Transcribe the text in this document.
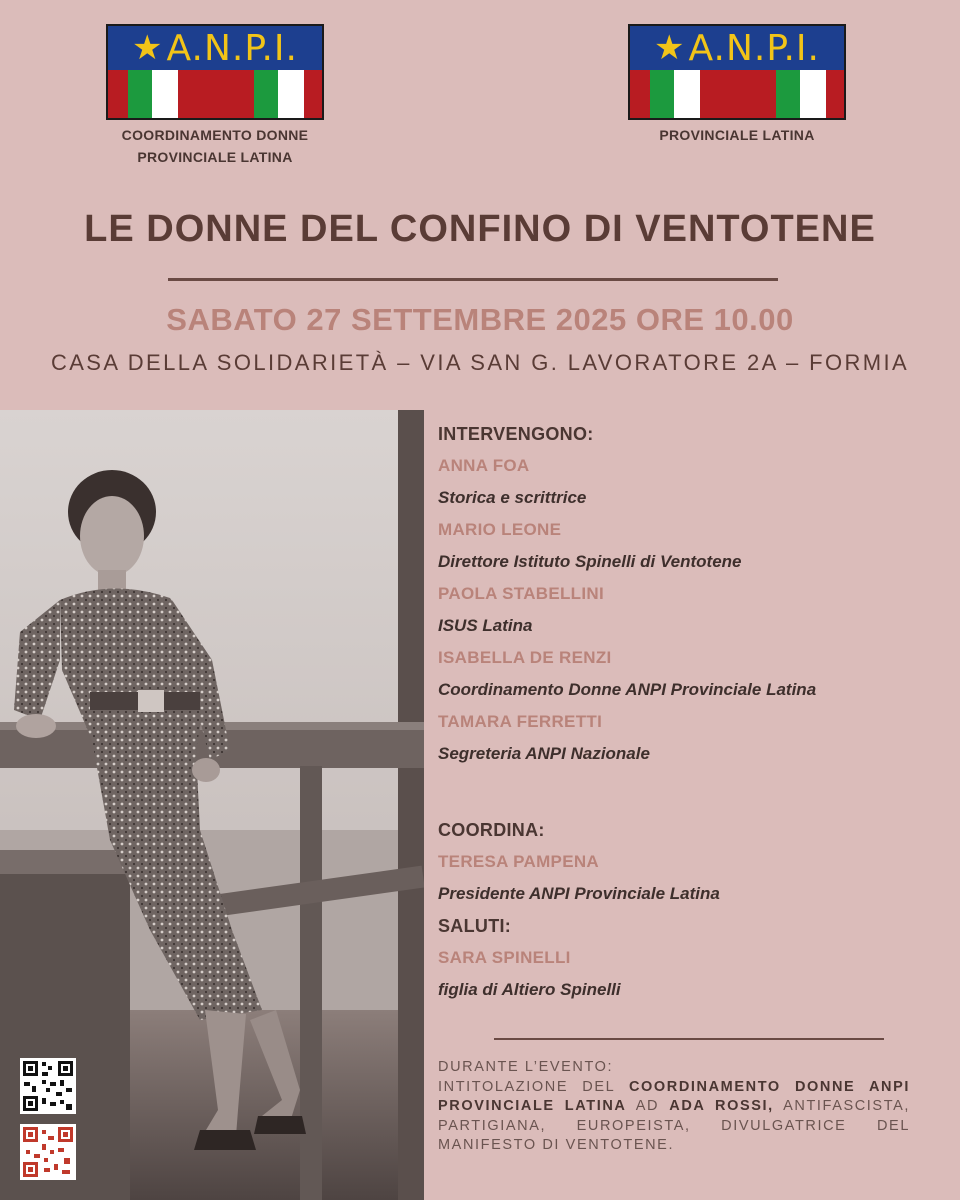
★ A.N.P.I.
COORDINAMENTO DONNE
PROVINCIALE LATINA
★ A.N.P.I.
PROVINCIALE LATINA
LE DONNE DEL CONFINO DI VENTOTENE
SABATO 27 SETTEMBRE 2025 ORE 10.00
CASA DELLA SOLIDARIETÀ – VIA SAN G. LAVORATORE 2A – FORMIA
INTERVENGONO:
ANNA FOA
Storica e scrittrice
MARIO LEONE
Direttore Istituto Spinelli di Ventotene
PAOLA STABELLINI
ISUS Latina
ISABELLA DE RENZI
Coordinamento Donne ANPI Provinciale Latina
TAMARA FERRETTI
Segreteria ANPI Nazionale
COORDINA:
TERESA PAMPENA
Presidente ANPI Provinciale Latina
SALUTI:
SARA SPINELLI
figlia di Altiero Spinelli
DURANTE L’EVENTO:
INTITOLAZIONE DEL COORDINAMENTO DONNE ANPI PROVINCIALE LATINA AD ADA ROSSI, ANTIFASCISTA, PARTIGIANA, EUROPEISTA, DIVULGATRICE DEL MANIFESTO DI VENTOTENE.
